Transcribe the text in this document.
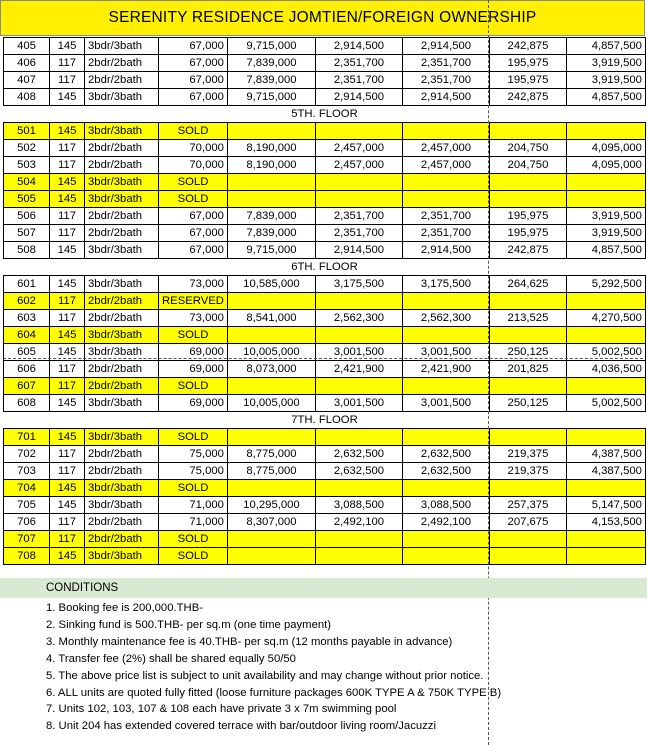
SERENITY RESIDENCE JOMTIEN/FOREIGN OWNERSHIP
405	145	3bdr/3bath	67,000	9,715,000	2,914,500	2,914,500	242,875	4,857,500
406	117	2bdr/2bath	67,000	7,839,000	2,351,700	2,351,700	195,975	3,919,500
407	117	2bdr/2bath	67,000	7,839,000	2,351,700	2,351,700	195,975	3,919,500
408	145	3bdr/3bath	67,000	9,715,000	2,914,500	2,914,500	242,875	4,857,500
5TH. FLOOR								
501	145	3bdr/3bath	SOLD					
502	117	2bdr/2bath	70,000	8,190,000	2,457,000	2,457,000	204,750	4,095,000
503	117	2bdr/2bath	70,000	8,190,000	2,457,000	2,457,000	204,750	4,095,000
504	145	3bdr/3bath	SOLD					
505	145	3bdr/3bath	SOLD					
506	117	2bdr/2bath	67,000	7,839,000	2,351,700	2,351,700	195,975	3,919,500
507	117	2bdr/2bath	67,000	7,839,000	2,351,700	2,351,700	195,975	3,919,500
508	145	3bdr/3bath	67,000	9,715,000	2,914,500	2,914,500	242,875	4,857,500
6TH. FLOOR								
601	145	3bdr/3bath	73,000	10,585,000	3,175,500	3,175,500	264,625	5,292,500
602	117	2bdr/2bath	RESERVED					
603	117	2bdr/2bath	73,000	8,541,000	2,562,300	2,562,300	213,525	4,270,500
604	145	3bdr/3bath	SOLD					
605	145	3bdr/3bath	69,000	10,005,000	3,001,500	3,001,500	250,125	5,002,500
606	117	2bdr/2bath	69,000	8,073,000	2,421,900	2,421,900	201,825	4,036,500
607	117	2bdr/2bath	SOLD					
608	145	3bdr/3bath	69,000	10,005,000	3,001,500	3,001,500	250,125	5,002,500
7TH. FLOOR								
701	145	3bdr/3bath	SOLD					
702	117	2bdr/2bath	75,000	8,775,000	2,632,500	2,632,500	219,375	4,387,500
703	117	2bdr/2bath	75,000	8,775,000	2,632,500	2,632,500	219,375	4,387,500
704	145	3bdr/3bath	SOLD					
705	145	3bdr/3bath	71,000	10,295,000	3,088,500	3,088,500	257,375	5,147,500
706	117	2bdr/2bath	71,000	8,307,000	2,492,100	2,492,100	207,675	4,153,500
707	117	2bdr/2bath	SOLD					
708	145	3bdr/3bath	SOLD					

CONDITIONS
1. Booking fee is 200,000.THB-
2. Sinking fund is 500.THB- per sq.m (one time payment)
3. Monthly maintenance fee is 40.THB- per sq.m (12 months payable in advance)
4. Transfer fee (2%) shall be shared equally 50/50
5. The above price list is subject to unit availability and may change without prior notice.
6. ALL units are quoted fully fitted (loose furniture packages 600K TYPE A & 750K TYPE B)
7. Units 102, 103, 107 & 108 each have private 3 x 7m swimming pool
8. Unit 204 has extended covered terrace with bar/outdoor living room/Jacuzzi
